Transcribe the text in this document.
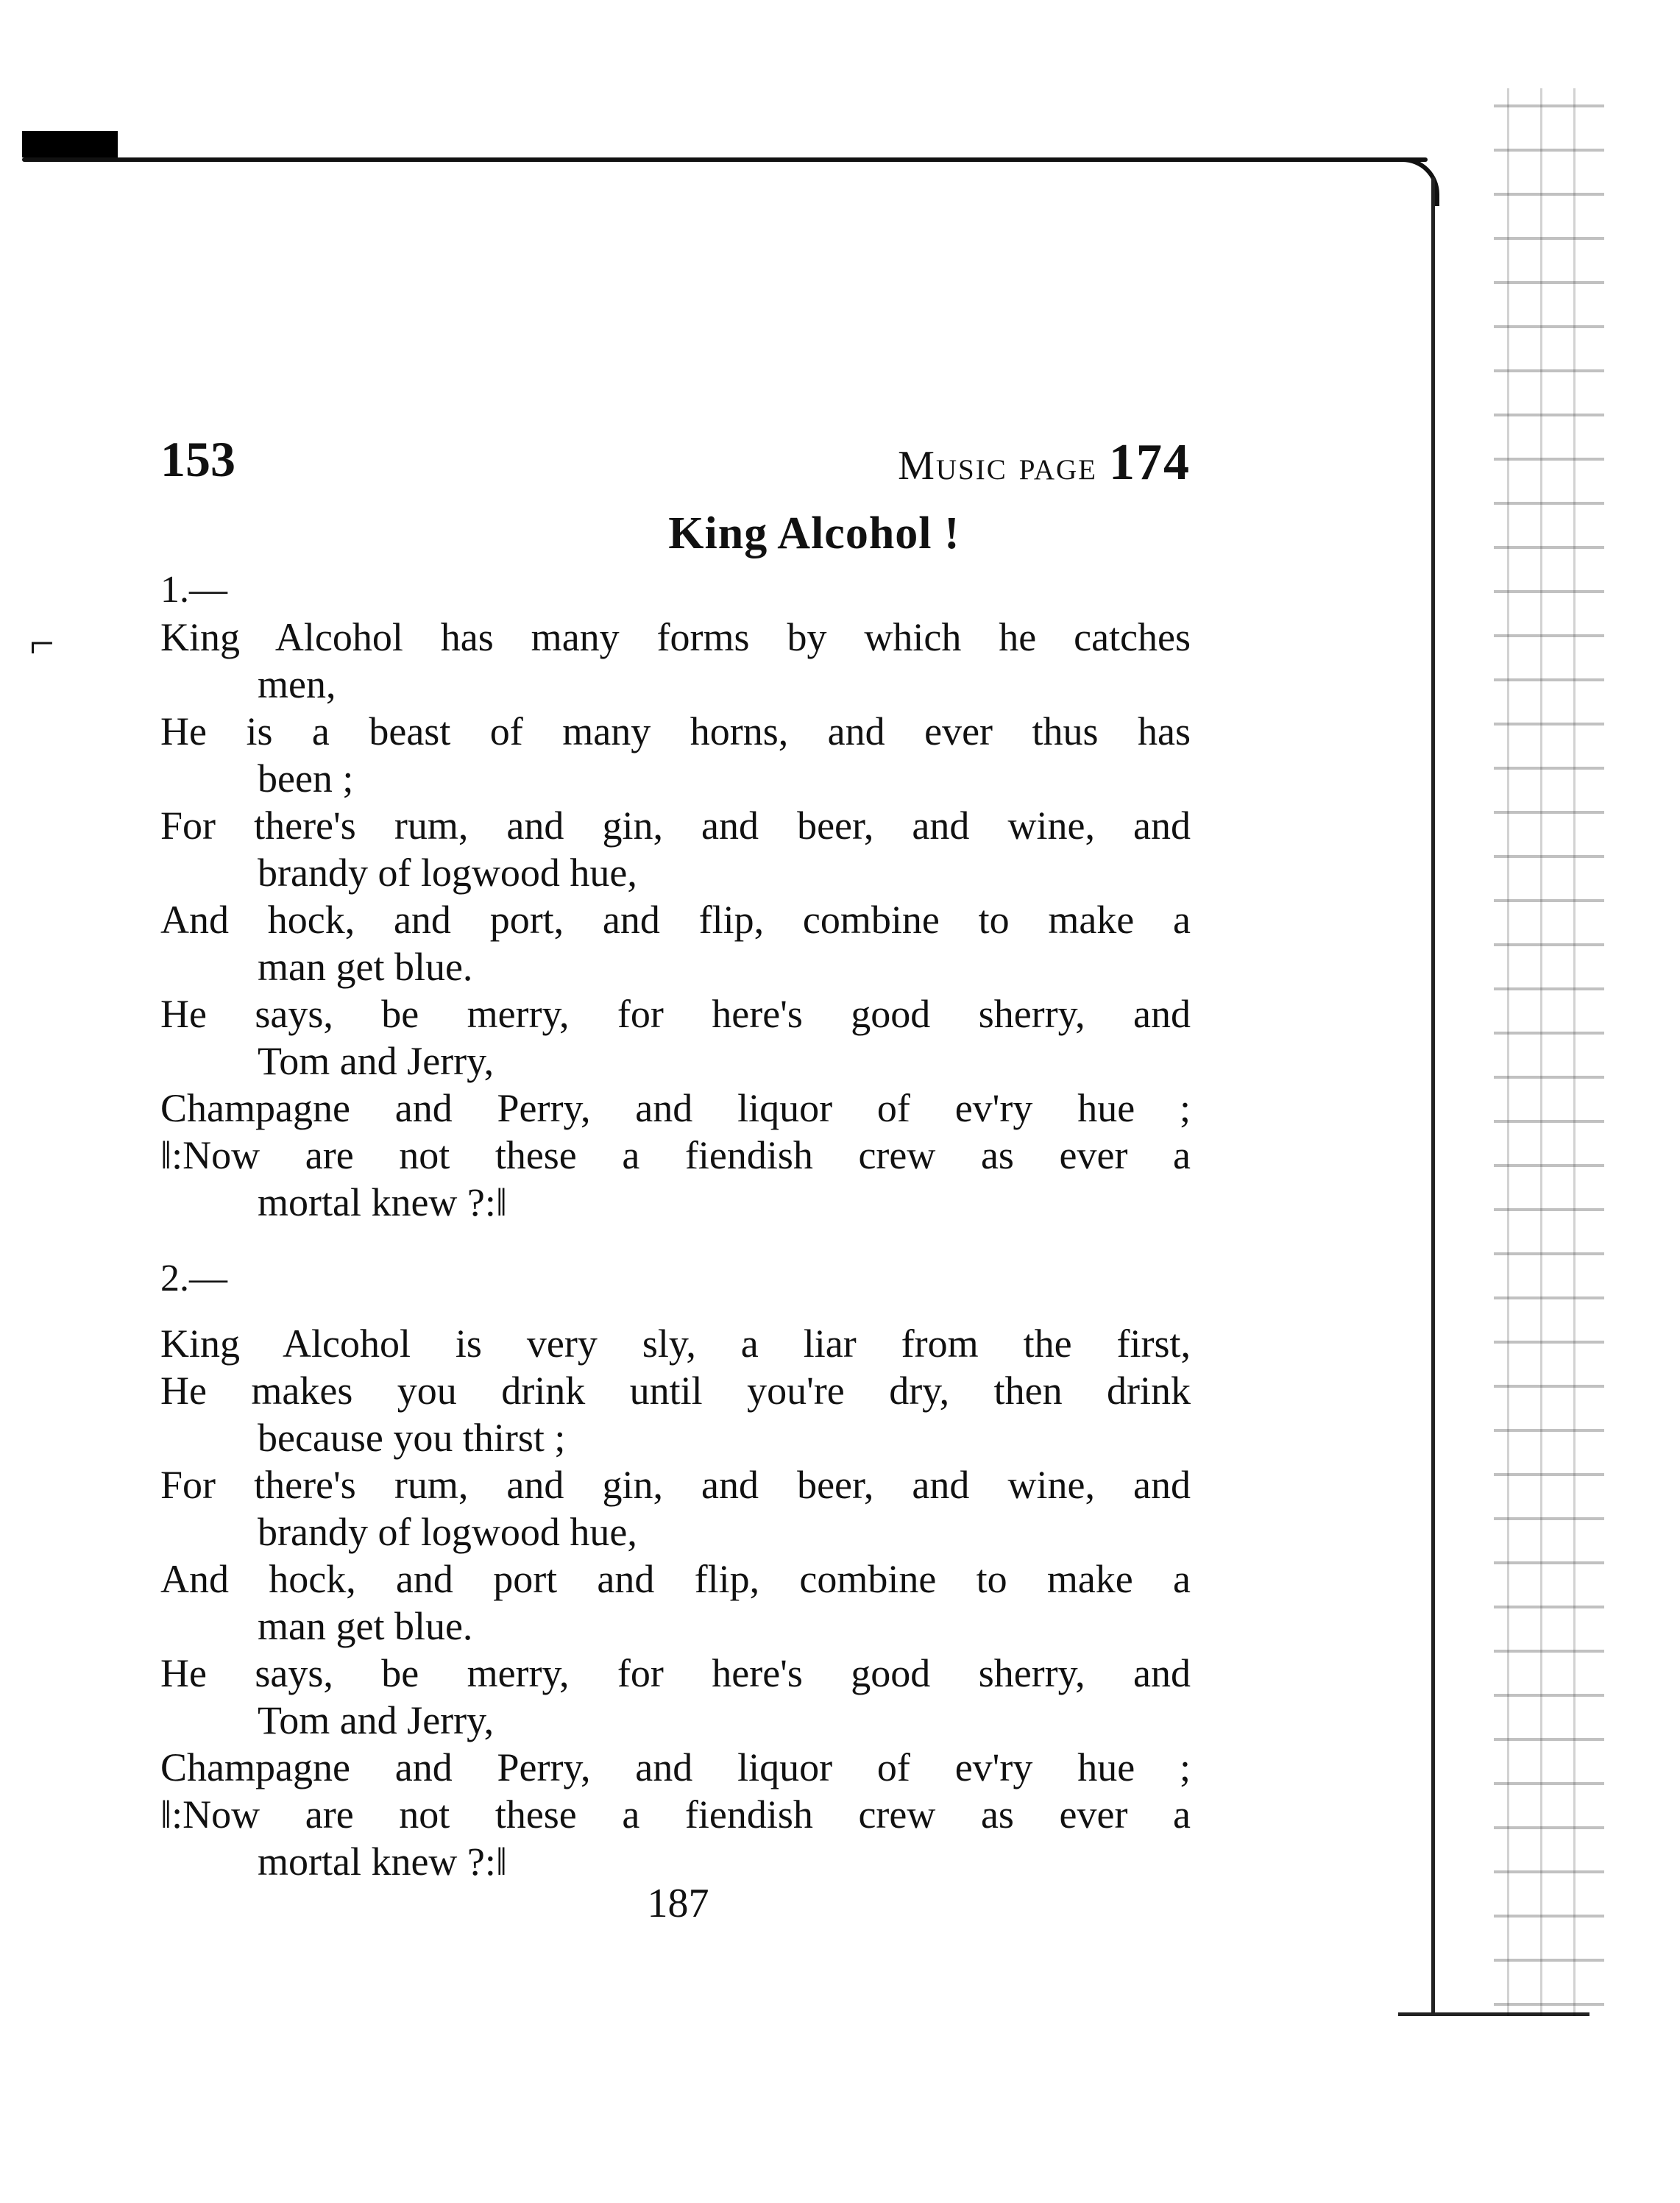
⌐
153	Music page 174
King Alcohol !
1.—
King Alcohol has many forms by which he catches
men,
He is a beast of many horns, and ever thus has
been ;
For there's rum, and gin, and beer, and wine, and
brandy of logwood hue,
And hock, and port, and flip, combine to make a
man get blue.
He says, be merry, for here's good sherry, and
Tom and Jerry,
Champagne and Perry, and liquor of ev'ry hue ;
‖:Now are not these a fiendish crew as ever a
mortal knew ?:‖
2.—
King Alcohol is very sly, a liar from the first,
He makes you drink until you're dry, then drink
because you thirst ;
For there's rum, and gin, and beer, and wine, and
brandy of logwood hue,
And hock, and port and flip, combine to make a
man get blue.
He says, be merry, for here's good sherry, and
Tom and Jerry,
Champagne and Perry, and liquor of ev'ry hue ;
‖:Now are not these a fiendish crew as ever a
mortal knew ?:‖
187
